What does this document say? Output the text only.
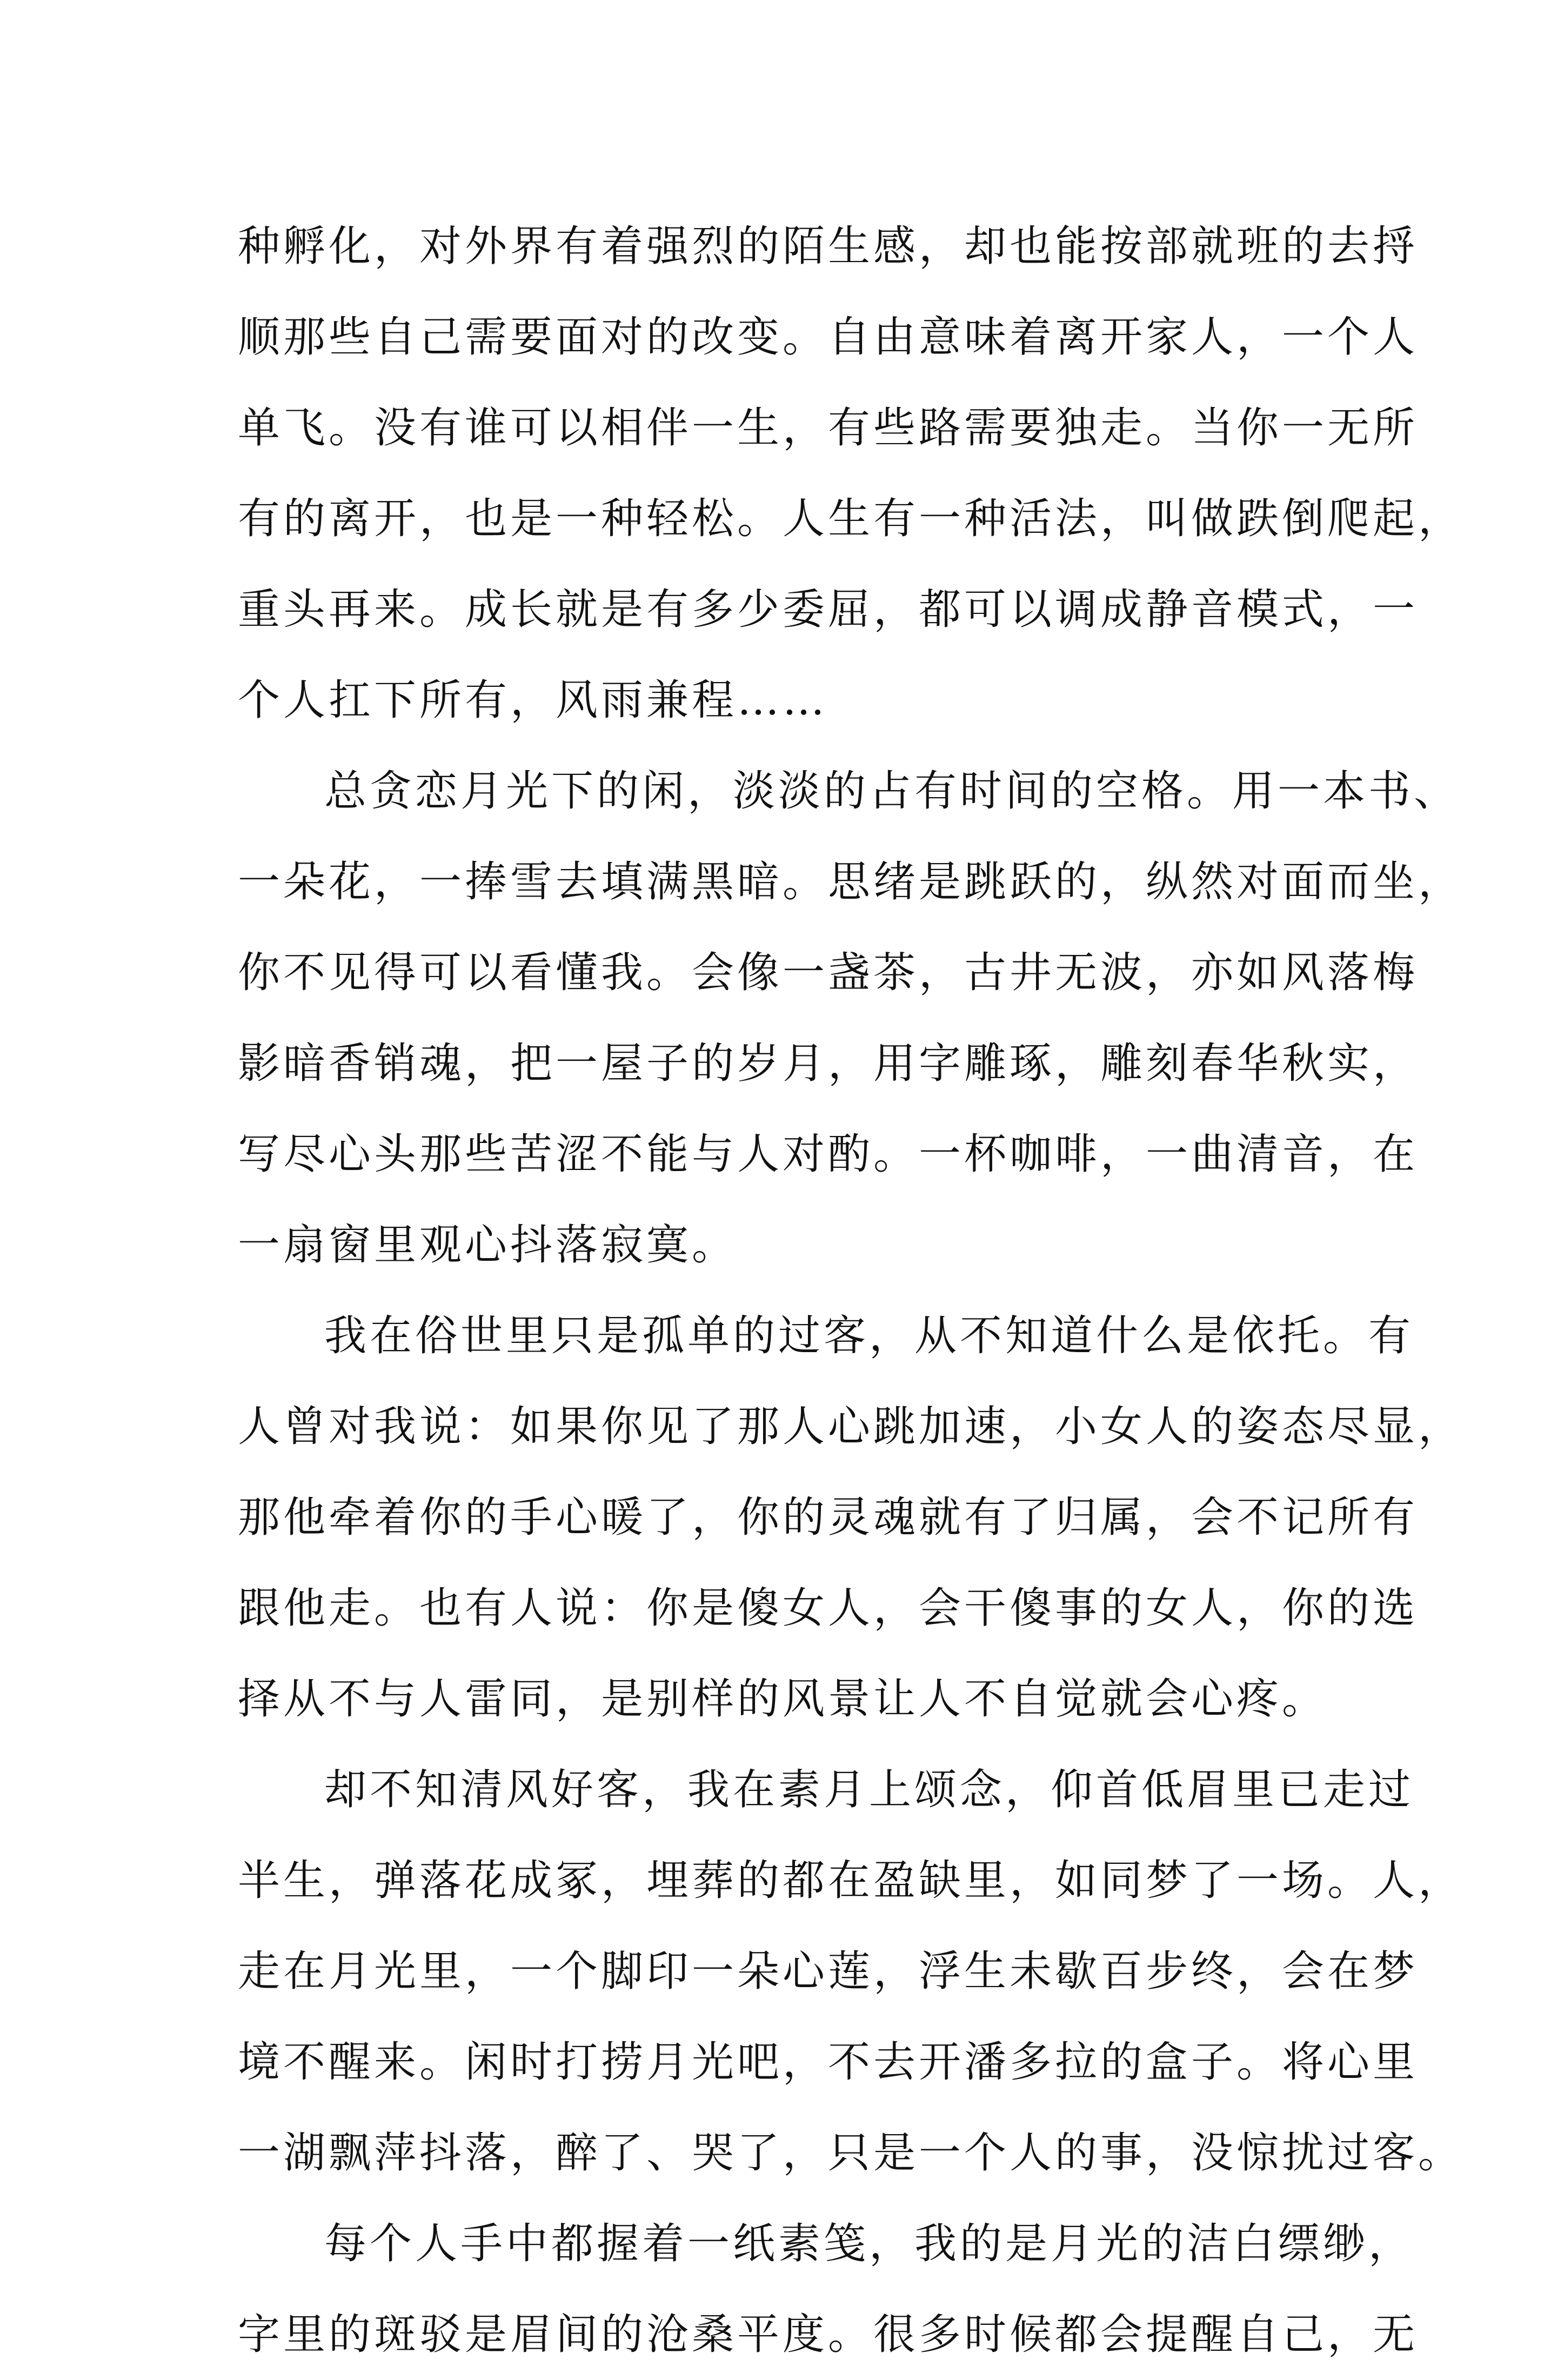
种孵化，对外界有着强烈的陌生感，却也能按部就班的去捋
顺那些自己需要面对的改变。自由意味着离开家人，一个人
单飞。没有谁可以相伴一生，有些路需要独走。当你一无所
有的离开，也是一种轻松。人生有一种活法，叫做跌倒爬起，
重头再来。成长就是有多少委屈，都可以调成静音模式，一
个人扛下所有，风雨兼程……
总贪恋月光下的闲，淡淡的占有时间的空格。用一本书、
一朵花，一捧雪去填满黑暗。思绪是跳跃的，纵然对面而坐，
你不见得可以看懂我。会像一盏茶，古井无波，亦如风落梅
影暗香销魂，把一屋子的岁月，用字雕琢，雕刻春华秋实，
写尽心头那些苦涩不能与人对酌。一杯咖啡，一曲清音，在
一扇窗里观心抖落寂寞。
我在俗世里只是孤单的过客，从不知道什么是依托。有
人曾对我说：如果你见了那人心跳加速，小女人的姿态尽显，
那他牵着你的手心暖了，你的灵魂就有了归属，会不记所有
跟他走。也有人说：你是傻女人，会干傻事的女人，你的选
择从不与人雷同，是别样的风景让人不自觉就会心疼。
却不知清风好客，我在素月上颂念，仰首低眉里已走过
半生，弹落花成冢，埋葬的都在盈缺里，如同梦了一场。人，
走在月光里，一个脚印一朵心莲，浮生未歇百步终，会在梦
境不醒来。闲时打捞月光吧，不去开潘多拉的盒子。将心里
一湖飘萍抖落，醉了、哭了，只是一个人的事，没惊扰过客。
每个人手中都握着一纸素笺，我的是月光的洁白缥缈，
字里的斑驳是眉间的沧桑平度。很多时候都会提醒自己，无
